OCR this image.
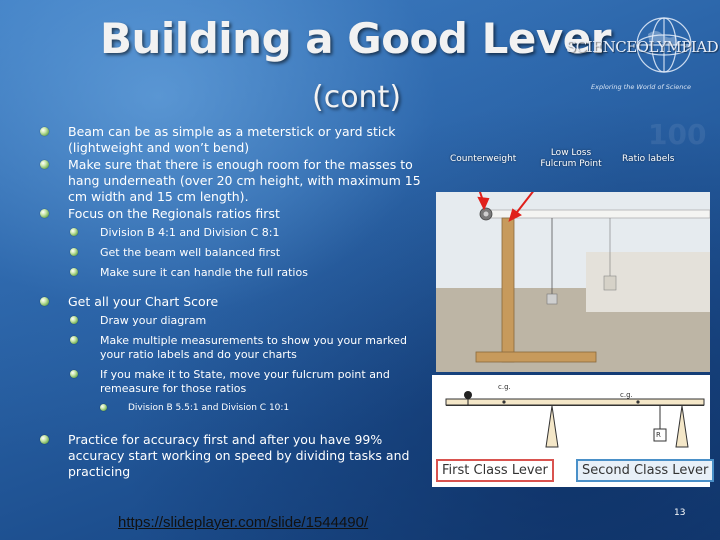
100
Building a Good Lever
(cont)
SCIENCEOLYMPIAD
Exploring the World of Science
Beam can be as simple as a meterstick or yard stick (lightweight and won’t bend)
Make sure that there is enough room for the masses to hang underneath (over 20 cm height, with maximum 15 cm width and 15 cm length).
Focus on the Regionals ratios first
Division B 4:1 and Division C 8:1
Get the beam well balanced first
Make sure it can handle the full ratios
Get all your Chart Score
Draw your diagram
Make multiple measurements to show you your marked your ratio labels and do your charts
If you make it to State, move your fulcrum point and remeasure for those ratios
Division B 5.5:1 and Division C 10:1
Practice for accuracy first and after you have 99% accuracy start working on speed by dividing tasks and practicing
Counterweight
Low Loss Fulcrum Point Ratio labels
c.g.
c.g.
R
First Class Lever	Second Class Lever
https://slideplayer.com/slide/1544490/
13
